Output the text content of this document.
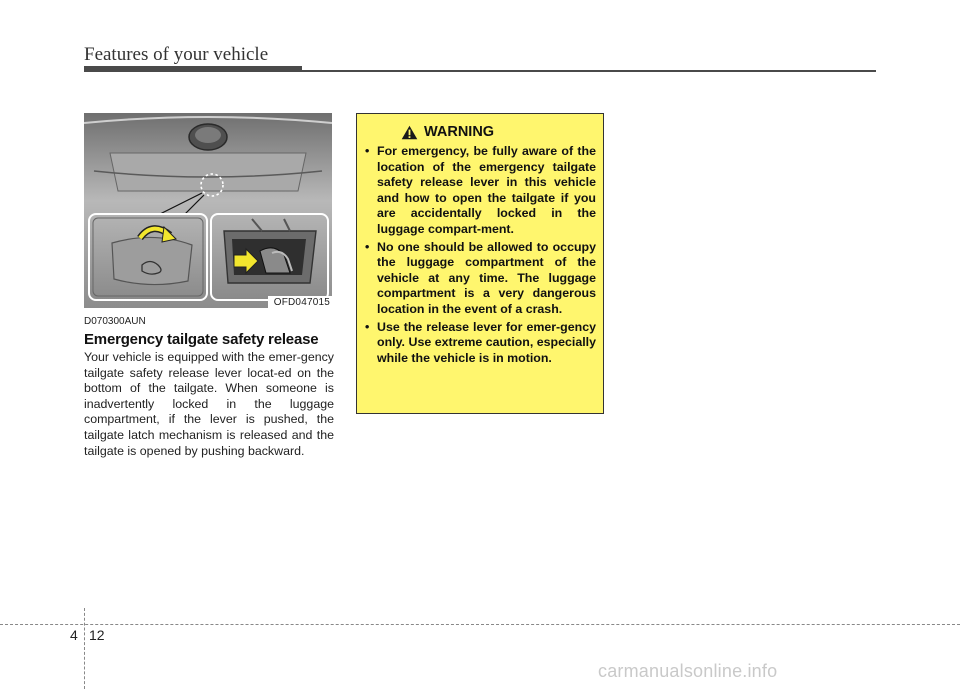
Features of your vehicle
OFD047015
D070300AUN
Emergency tailgate safety release
Your vehicle is equipped with the emer-gency tailgate safety release lever locat-ed on the bottom of the tailgate. When someone is inadvertently locked in the luggage compartment, if the lever is pushed, the tailgate latch mechanism is released and the tailgate is opened by pushing backward.
WARNING
• For emergency, be fully aware of the location of the emergency tailgate safety release lever in this vehicle and how to open the tailgate if you are accidentally locked in the luggage compart-ment.
• No one should be allowed to occupy the luggage compartment of the vehicle at any time. The luggage compartment is a very dangerous location in the event of a crash.
• Use the release lever for emer-gency only. Use extreme caution, especially while the vehicle is in motion.
4 12
carmanualsonline.info
